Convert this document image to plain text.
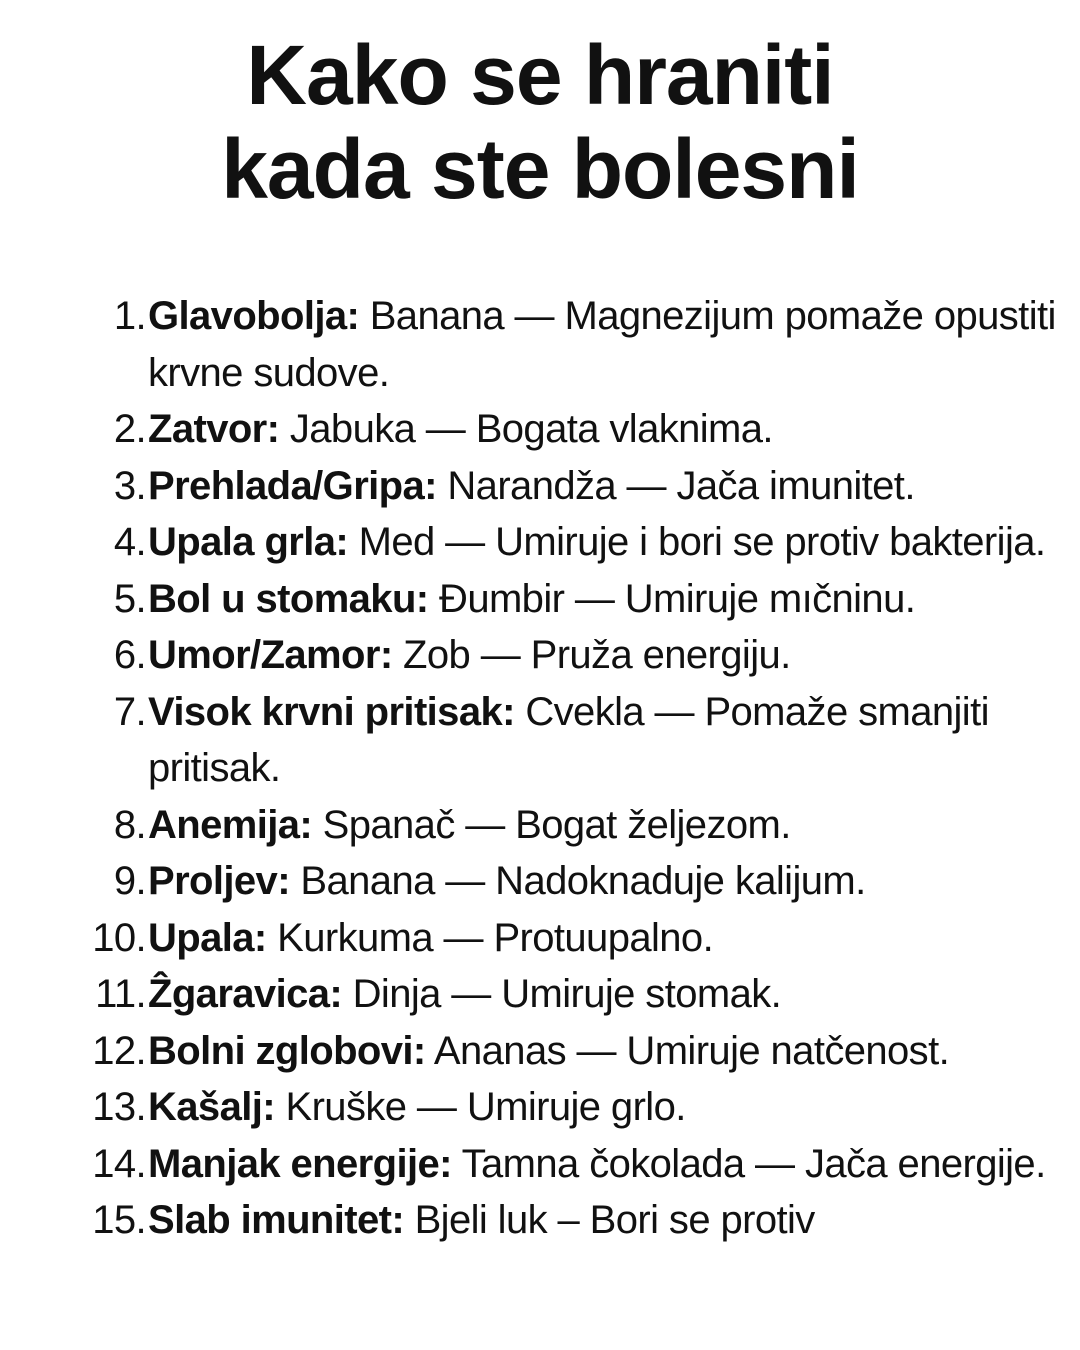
Kako se hraniti
kada ste bolesni
1. Glavobolja: Banana — Magnezijum pomaže opustiti krvne sudove.
2. Zatvor: Jabuka — Bogata vlaknima.
3. Prehlada/Gripa: Narandža — Jača imunitet.
4. Upala grla: Med — Umiruje i bori se protiv bakterija.
5. Bol u stomaku: Đumbir — Umiruje mıčninu.
6. Umor/Zamor: Zob — Pruža energiju.
7. Visok krvni pritisak: Cvekla — Pomaže smanjiti pritisak.
8. Anemija: Spanač — Bogat željezom.
9. Proljev: Banana — Nadoknaduje kalijum.
10. Upala: Kurkuma — Protuupalno.
11. Ẑgaravica: Dinja — Umiruje stomak.
12. Bolni zglobovi: Ananas — Umiruje natčenost.
13. Kašalj: Kruške — Umiruje grlo.
14. Manjak energije: Tamna čokolada — Jača energije.
15. Slab imunitet: Bjeli luk – Bori se protiv
